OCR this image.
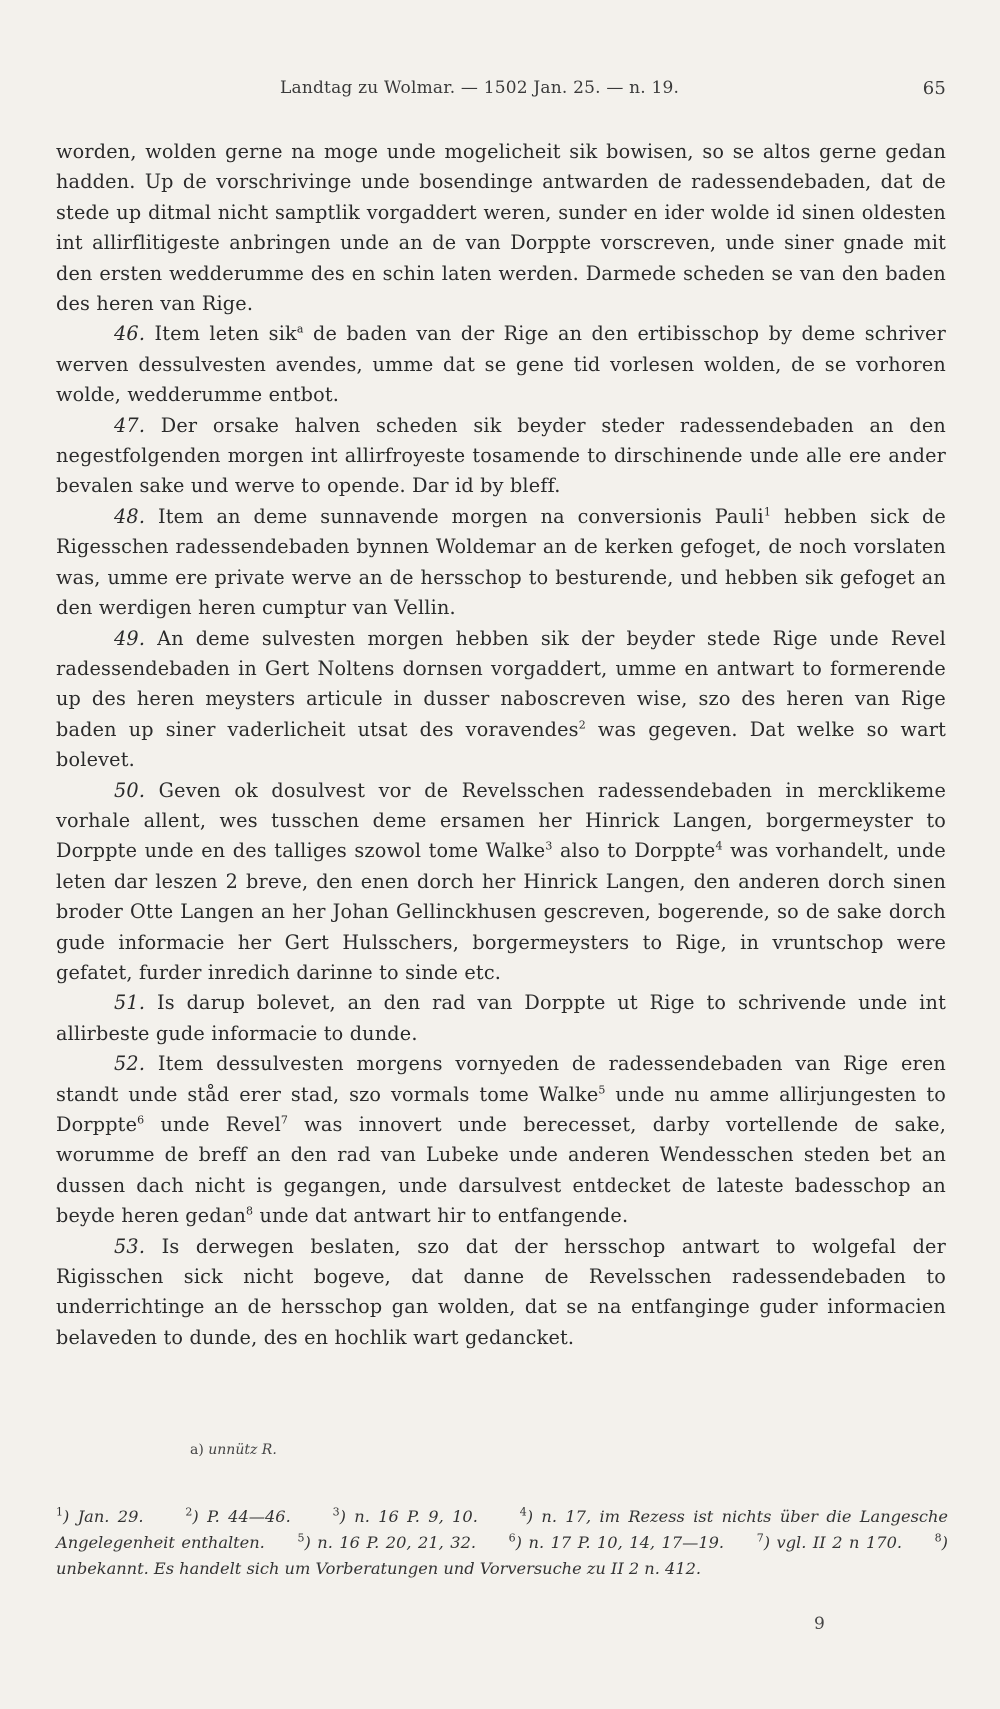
Landtag zu Wolmar. — 1502 Jan. 25. — n. 19.	65

worden, wolden gerne na moge unde mogelicheit sik bowisen, so se altos gerne gedan hadden. Up de vorschrivinge unde bosendinge antwarden de radessendebaden, dat de stede up ditmal nicht samptlik vorgaddert weren, sunder en ider wolde id sinen oldesten int allirflitigeste anbringen unde an de van Dorppte vorscreven, unde siner gnade mit den ersten wedderumme des en schin laten werden. Darmede scheden se van den baden des heren van Rige.

46. Item leten sik$^a$ de baden van der Rige an den ertibisschop by deme schriver werven dessulvesten avendes, umme dat se gene tid vorlesen wolden, de se vorhoren wolde, wedderumme entbot.

47. Der orsake halven scheden sik beyder steder radessendebaden an den negestfolgenden morgen int allirfroyeste tosamende to dirschinende unde alle ere ander bevalen sake und werve to opende. Dar id by bleff.

48. Item an deme sunnavende morgen na conversionis Pauli$^1$ hebben sick de Rigesschen radessendebaden bynnen Woldemar an de kerken gefoget, de noch vorslaten was, umme ere private werve an de hersschop to besturende, und hebben sik gefoget an den werdigen heren cumptur van Vellin.

49. An deme sulvesten morgen hebben sik der beyder stede Rige unde Revel radessendebaden in Gert Noltens dornsen vorgaddert, umme en antwart to formerende up des heren meysters articule in dusser naboscreven wise, szo des heren van Rige baden up siner vaderlicheit utsat des voravendes$^2$ was gegeven. Dat welke so wart bolevet.

50. Geven ok dosulvest vor de Revelsschen radessendebaden in mercklikeme vorhale allent, wes tusschen deme ersamen her Hinrick Langen, borgermeyster to Dorppte unde en des talliges szowol tome Walke$^3$ also to Dorppte$^4$ was vorhandelt, unde leten dar leszen 2 breve, den enen dorch her Hinrick Langen, den anderen dorch sinen broder Otte Langen an her Johan Gellinckhusen gescreven, bogerende, so de sake dorch gude informacie her Gert Hulsschers, borgermeysters to Rige, in vruntschop were gefatet, furder inredich darinne to sinde etc.

51. Is darup bolevet, an den rad van Dorppte ut Rige to schrivende unde int allirbeste gude informacie to dunde.

52. Item dessulvesten morgens vornyeden de radessendebaden van Rige eren standt unde ståd erer stad, szo vormals tome Walke$^5$ unde nu amme allirjungesten to Dorppte$^6$ unde Revel$^7$ was innovert unde berecesset, darby vortellende de sake, worumme de breff an den rad van Lubeke unde anderen Wendesschen steden bet an dussen dach nicht is gegangen, unde darsulvest entdecket de lateste badesschop an beyde heren gedan$^8$ unde dat antwart hir to entfangende.

53. Is derwegen beslaten, szo dat der hersschop antwart to wolgefal der Rigisschen sick nicht bogeve, dat danne de Revelsschen radessendebaden to underrichtinge an de hersschop gan wolden, dat se na entfanginge guder informacien belaveden to dunde, des en hochlik wart gedancket.

a) unnütz R.
$^1$) Jan. 29.	$^2$) P. 44—46.	$^3$) n. 16 P. 9, 10.	$^4$) n. 17, im Rezess ist nichts über die Langesche Angelegenheit enthalten.	$^5$) n. 16 P. 20, 21, 32.	$^6$) n. 17 P. 10, 14, 17—19.	$^7$) vgl. II 2 n 170.	$^8$) unbekannt. Es handelt sich um Vorberatungen und Vorversuche zu II 2 n. 412.
9
